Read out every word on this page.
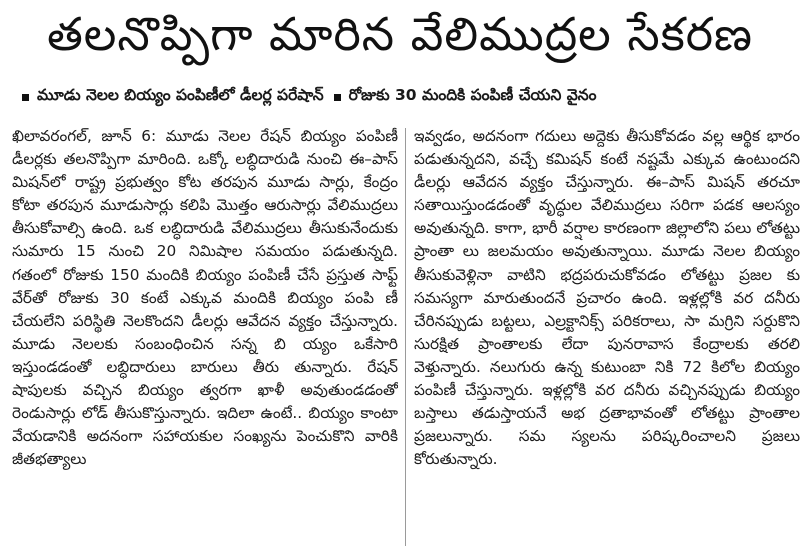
తలనొప్పిగా మారిన వేలిముద్రల సేకరణ
మూడు నెలల బియ్యం పంపిణీలో డీలర్ల పరేషాన్ రోజుకు 30 మందికి పంపిణీ చేయని వైనం

ఖిలావరంగల్‌, జూన్‌ 6: మూడు నెలల రేషన్‌ బియ్యం పంపిణీ డీలర్లకు తలనొప్పిగా మారింది. ఒక్కో లబ్ధిదారుడి నుంచి ఈ–పాస్‌ మిషన్‌లో రాష్ట్ర ప్రభుత్వం కోట తరపున మూడు సార్లు, కేంద్రం కోటా తరపున మూడుసార్లు కలిపి మొత్తం ఆరుసార్లు వేలిముద్రలు తీసుకోవాల్సి ఉంది. ఒక లబ్ధిదారుడి వేలిముద్రలు తీసుకునేందుకు సుమారు 15 నుంచి 20 నిమిషాల సమయం పడుతున్నది. గతంలో రోజుకు 150 మందికి బియ్యం పంపిణీ చేసే ప్రస్తుత సాఫ్ట్‌ వేర్‌తో రోజుకు 30 కంటే ఎక్కువ మందికి బియ్యం పంపి ణీ చేయలేని పరిస్థితి నెలకొందని డీలర్లు ఆవేదన వ్యక్తం చేస్తున్నారు. మూడు నెలలకు సంబంధించిన సన్న బి య్యం ఒకేసారి ఇస్తుండడంతో లబ్ధిదారులు బారులు తీరు తున్నారు. రేషన్‌ షాపులకు వచ్చిన బియ్యం త్వరగా ఖాళీ అవుతుండడంతో రెండుసార్లు లోడ్‌ తీసుకొస్తున్నారు. ఇదిలా ఉంటే.. బియ్యం కాంటా వేయడానికి అదనంగా సహాయకుల సంఖ్యను పెంచుకొని వారికి జీతభత్యాలు

ఇవ్వడం, అదనంగా గదులు అద్దెకు తీసుకోవడం వల్ల ఆర్థిక భారం పడుతున్నదని, వచ్చే కమిషన్‌ కంటే నష్టమే ఎక్కువ ఉంటుందని డీలర్లు ఆవేదన వ్యక్తం చేస్తున్నారు. ఈ–పాస్‌ మిషన్‌ తరచూ సతాయిస్తుండడంతో వృద్ధుల వేలిముద్రలు సరిగా పడక ఆలస్యం అవుతున్నది. కాగా, భారీ వర్షాల కారణంగా జిల్లాలోని పలు లోతట్టు ప్రాంతా లు జలమయం అవుతున్నాయి. మూడు నెలల బియ్యం తీసుకువెళ్లినా వాటిని భద్రపరుచుకోవడం లోతట్టు ప్రజల కు సమస్యగా మారుతుందనే ప్రచారం ఉంది. ఇళ్లల్లోకి వర దనీరు చేరినప్పుడు బట్టలు, ఎల్రక్టానిక్స్‌ పరికరాలు, సా మగ్రిని సర్దుకొని సురక్షిత ప్రాంతాలకు లేదా పునరావాస కేంద్రాలకు తరలి వెళ్తున్నారు. నలుగురు ఉన్న కుటుంబా నికి 72 కిలోల బియ్యం పంపిణీ చేస్తున్నారు. ఇళ్లల్లోకి వర దనీరు వచ్చినప్పుడు బియ్యం బస్తాలు తడుస్తాయనే అభ ద్రతాభావంతో లోతట్టు ప్రాంతాల ప్రజలున్నారు. సమ స్యలను పరిష్కరించాలని ప్రజలు కోరుతున్నారు.
